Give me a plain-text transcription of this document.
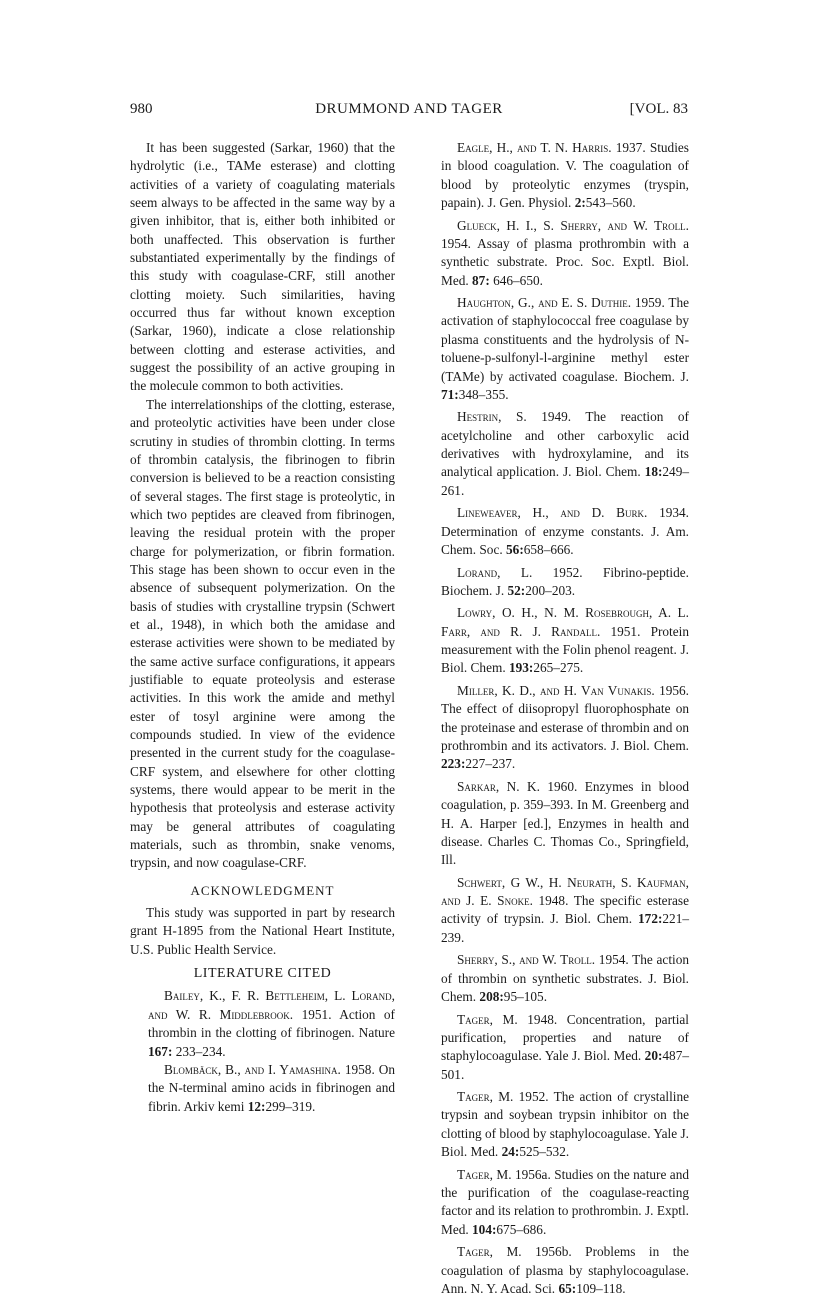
980	DRUMMOND AND TAGER	[VOL. 83

It has been suggested (Sarkar, 1960) that the hydrolytic (i.e., TAMe esterase) and clotting activities of a variety of coagulating materials seem always to be affected in the same way by a given inhibitor, that is, either both inhibited or both unaffected. This observation is further substantiated experimentally by the findings of this study with coagulase-CRF, still another clotting moiety. Such similarities, having occurred thus far without known exception (Sarkar, 1960), indicate a close relationship between clotting and esterase activities, and suggest the possibility of an active grouping in the molecule common to both activities.

The interrelationships of the clotting, esterase, and proteolytic activities have been under close scrutiny in studies of thrombin clotting. In terms of thrombin catalysis, the fibrinogen to fibrin conversion is believed to be a reaction consisting of several stages. The first stage is proteolytic, in which two peptides are cleaved from fibrinogen, leaving the residual protein with the proper charge for polymerization, or fibrin formation. This stage has been shown to occur even in the absence of subsequent polymerization. On the basis of studies with crystalline trypsin (Schwert et al., 1948), in which both the amidase and esterase activities were shown to be mediated by the same active surface configurations, it appears justifiable to equate proteolysis and esterase activities. In this work the amide and methyl ester of tosyl arginine were among the compounds studied. In view of the evidence presented in the current study for the coagulase-CRF system, and elsewhere for other clotting systems, there would appear to be merit in the hypothesis that proteolysis and esterase activity may be general attributes of coagulating materials, such as thrombin, snake venoms, trypsin, and now coagulase-CRF.

ACKNOWLEDGMENT

This study was supported in part by research grant H-1895 from the National Heart Institute, U.S. Public Health Service.

LITERATURE CITED

Bailey, K., F. R. Bettleheim, L. Lorand, and W. R. Middlebrook. 1951. Action of thrombin in the clotting of fibrinogen. Nature 167: 233–234.

Blombäck, B., and I. Yamashina. 1958. On the N-terminal amino acids in fibrinogen and fibrin. Arkiv kemi 12:299–319.

Eagle, H., and T. N. Harris. 1937. Studies in blood coagulation. V. The coagulation of blood by proteolytic enzymes (tryspin, papain). J. Gen. Physiol. 2:543–560.

Glueck, H. I., S. Sherry, and W. Troll. 1954. Assay of plasma prothrombin with a synthetic substrate. Proc. Soc. Exptl. Biol. Med. 87: 646–650.

Haughton, G., and E. S. Duthie. 1959. The activation of staphylococcal free coagulase by plasma constituents and the hydrolysis of N-toluene-p-sulfonyl-l-arginine methyl ester (TAMe) by activated coagulase. Biochem. J. 71:348–355.

Hestrin, S. 1949. The reaction of acetylcholine and other carboxylic acid derivatives with hydroxylamine, and its analytical application. J. Biol. Chem. 18:249–261.

Lineweaver, H., and D. Burk. 1934. Determination of enzyme constants. J. Am. Chem. Soc. 56:658–666.

Lorand, L. 1952. Fibrino-peptide. Biochem. J. 52:200–203.

Lowry, O. H., N. M. Rosebrough, A. L. Farr, and R. J. Randall. 1951. Protein measurement with the Folin phenol reagent. J. Biol. Chem. 193:265–275.

Miller, K. D., and H. Van Vunakis. 1956. The effect of diisopropyl fluorophosphate on the proteinase and esterase of thrombin and on prothrombin and its activators. J. Biol. Chem. 223:227–237.

Sarkar, N. K. 1960. Enzymes in blood coagulation, p. 359–393. In M. Greenberg and H. A. Harper [ed.], Enzymes in health and disease. Charles C. Thomas Co., Springfield, Ill.

Schwert, G W., H. Neurath, S. Kaufman, and J. E. Snoke. 1948. The specific esterase activity of trypsin. J. Biol. Chem. 172:221–239.

Sherry, S., and W. Troll. 1954. The action of thrombin on synthetic substrates. J. Biol. Chem. 208:95–105.

Tager, M. 1948. Concentration, partial purification, properties and nature of staphylocoagulase. Yale J. Biol. Med. 20:487–501.

Tager, M. 1952. The action of crystalline trypsin and soybean trypsin inhibitor on the clotting of blood by staphylocoagulase. Yale J. Biol. Med. 24:525–532.

Tager, M. 1956a. Studies on the nature and the purification of the coagulase-reacting factor and its relation to prothrombin. J. Exptl. Med. 104:675–686.

Tager, M. 1956b. Problems in the coagulation of plasma by staphylocoagulase. Ann. N. Y. Acad. Sci. 65:109–118.
